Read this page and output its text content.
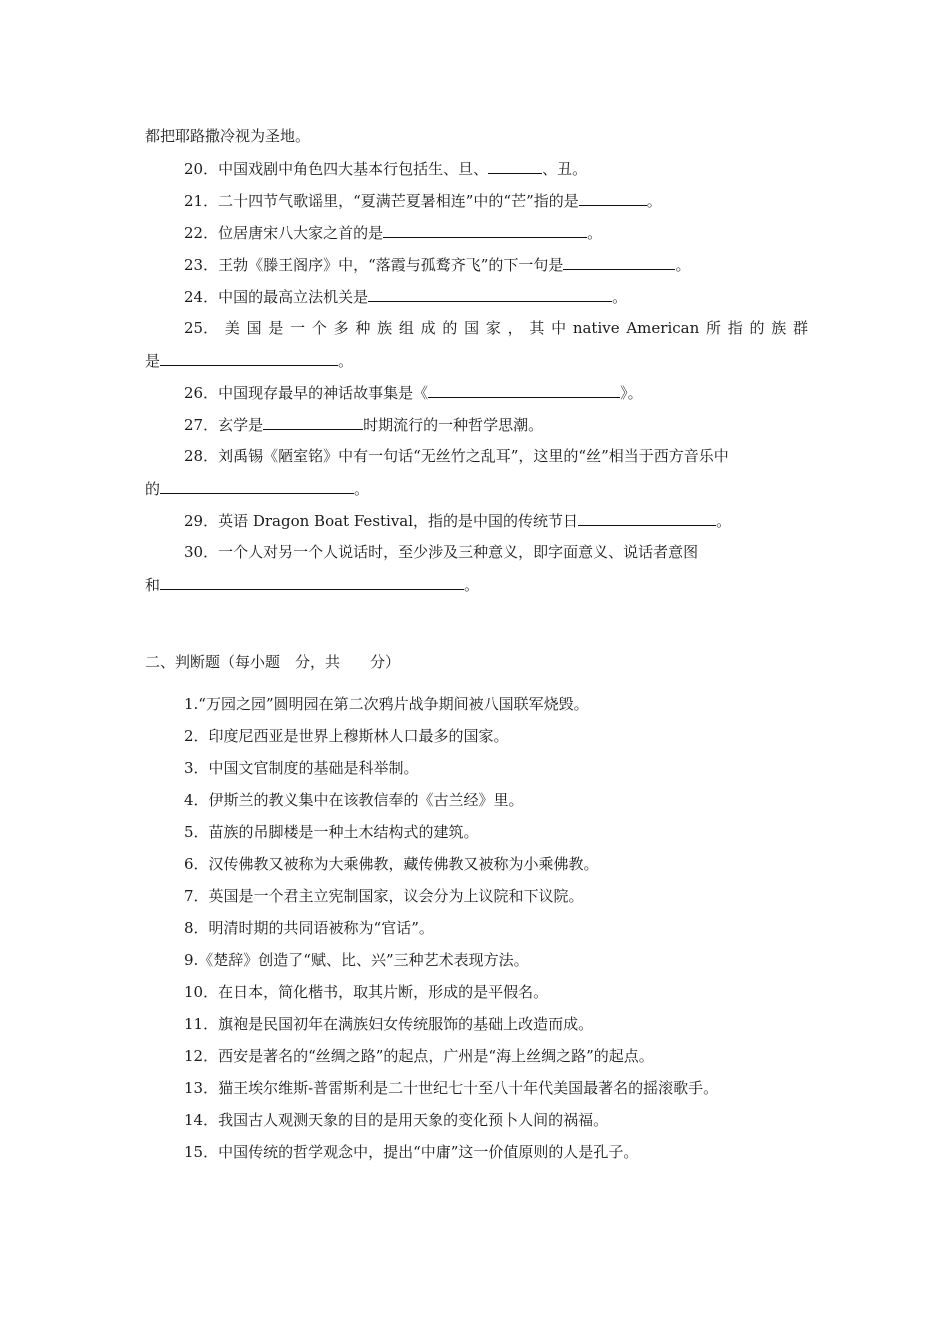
都把耶路撒冷视为圣地。
20．中国戏剧中角色四大基本行包括生、旦、	、丑。
21．二十四节气歌谣里，“夏满芒夏暑相连”中的“芒”指的是	。
22．位居唐宋八大家之首的是	。
23．王勃《滕王阁序》中，“落霞与孤鹜齐飞”的下一句是	。
24．中国的最高立法机关是	。
25． 美 国 是 一 个 多 种 族 组 成 的 国 家 ， 其 中 native American 所 指 的 族 群
是	。
26．中国现存最早的神话故事集是《	》。
27．玄学是	时期流行的一种哲学思潮。
28．刘禹锡《陋室铭》中有一句话“无丝竹之乱耳”，这里的“丝”相当于西方音乐中
的	。
29．英语 Dragon Boat Festival，指的是中国的传统节日	。
30．一个人对另一个人说话时，至少涉及三种意义，即字面意义、说话者意图
和	。
二、判断题（每小题　分，共　　分）
1.“万园之园”圆明园在第二次鸦片战争期间被八国联军烧毁。
2．印度尼西亚是世界上穆斯林人口最多的国家。
3．中国文官制度的基础是科举制。
4．伊斯兰的教义集中在该教信奉的《古兰经》里。
5．苗族的吊脚楼是一种土木结构式的建筑。
6．汉传佛教又被称为大乘佛教，藏传佛教又被称为小乘佛教。
7．英国是一个君主立宪制国家，议会分为上议院和下议院。
8．明清时期的共同语被称为“官话”。
9.《楚辞》创造了“赋、比、兴”三种艺术表现方法。
10．在日本，简化楷书，取其片断，形成的是平假名。
11．旗袍是民国初年在满族妇女传统服饰的基础上改造而成。
12．西安是著名的“丝绸之路”的起点，广州是“海上丝绸之路”的起点。
13．猫王埃尔维斯-普雷斯利是二十世纪七十至八十年代美国最著名的摇滚歌手。
14．我国古人观测天象的目的是用天象的变化预卜人间的祸福。
15．中国传统的哲学观念中，提出“中庸”这一价值原则的人是孔子。
